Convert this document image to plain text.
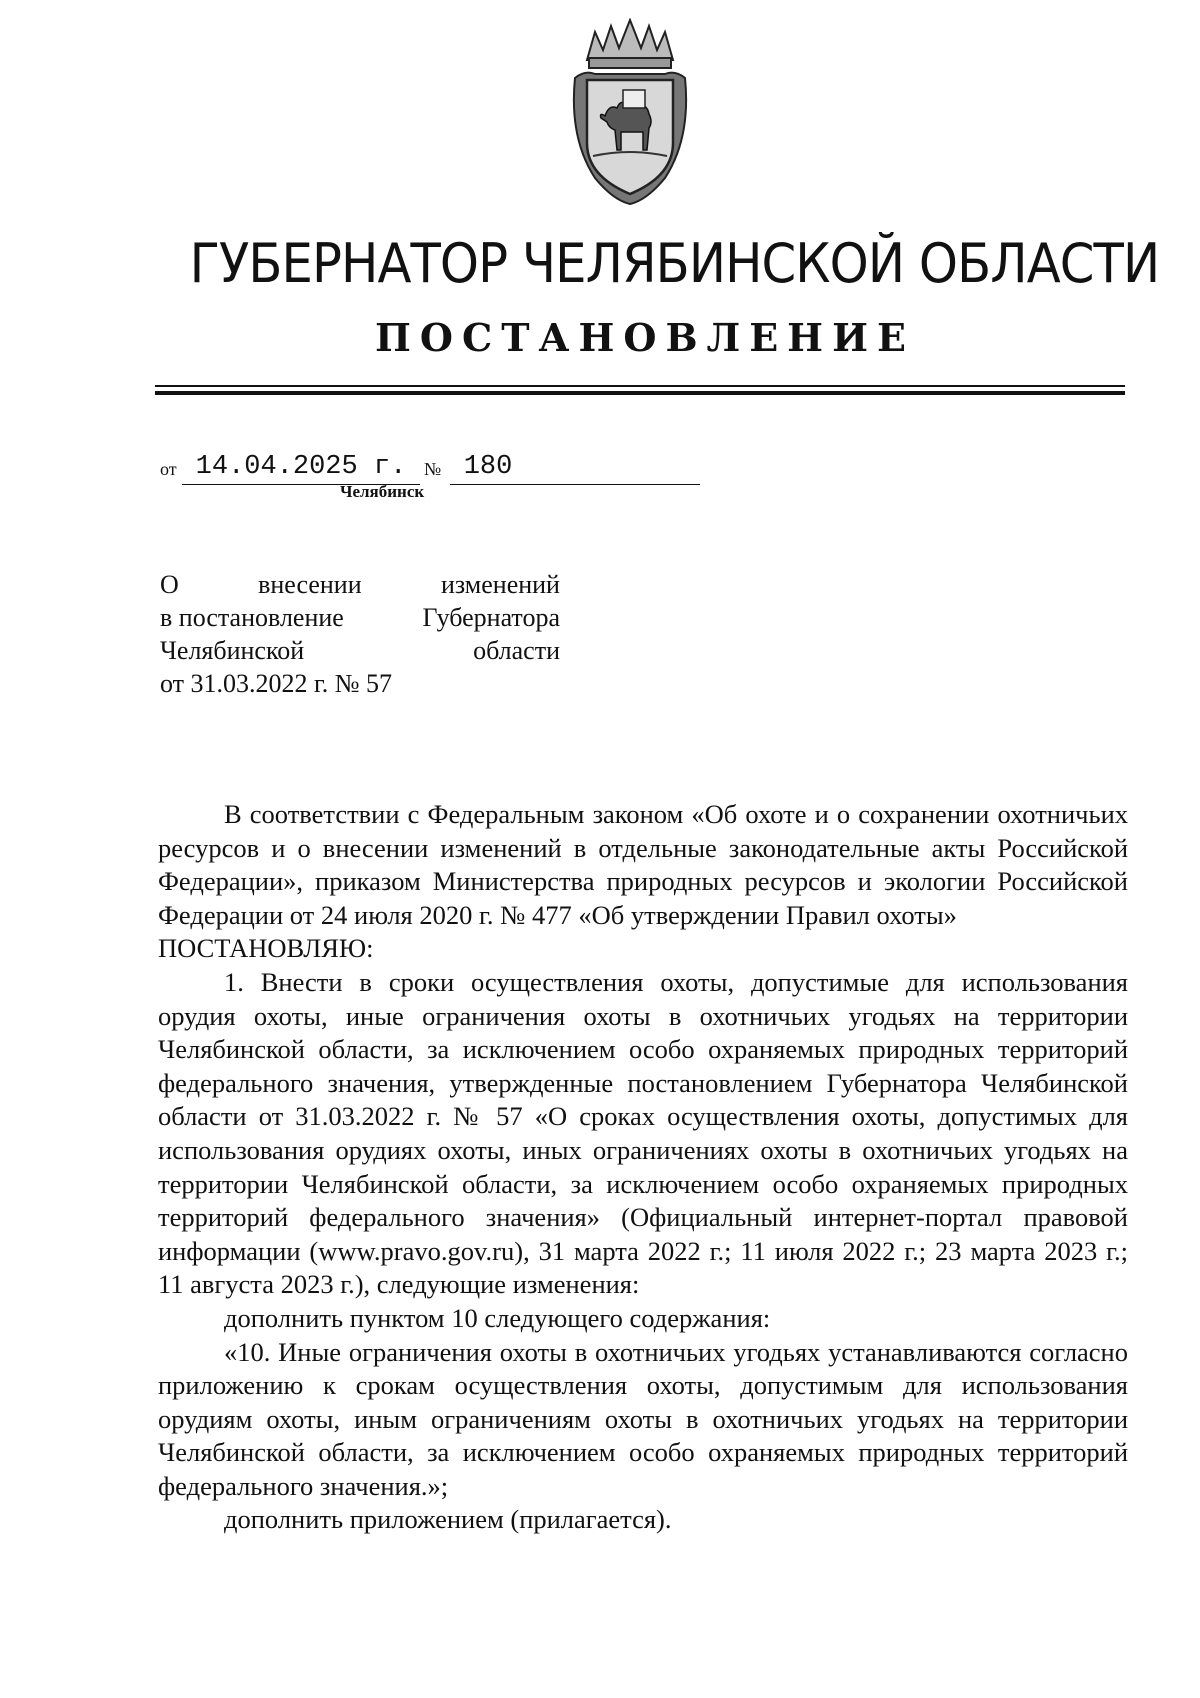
ГУБЕРНАТОР ЧЕЛЯБИНСКОЙ ОБЛАСТИ
ПОСТАНОВЛЕНИЕ
от 14.04.2025 г. № 180
Челябинск
О	внесении	изменений
в постановление	Губернатора
Челябинской	области
от 31.03.2022 г. № 57

В соответствии с Федеральным законом «Об охоте и о сохранении охотничьих ресурсов и о внесении изменений в отдельные законодательные акты Российской Федерации», приказом Министерства природных ресурсов и экологии Российской Федерации от 24 июля 2020 г. № 477 «Об утверждении Правил охоты»

ПОСТАНОВЛЯЮ:

1. Внести в сроки осуществления охоты, допустимые для использования орудия охоты, иные ограничения охоты в охотничьих угодьях на территории Челябинской области, за исключением особо охраняемых природных территорий федерального значения, утвержденные постановлением Губернатора Челябинской области от 31.03.2022 г. № 57 «О сроках осуществления охоты, допустимых для использования орудиях охоты, иных ограничениях охоты в охотничьих угодьях на территории Челябинской области, за исключением особо охраняемых природных территорий федерального значения» (Официальный интернет-портал правовой информации (www.pravo.gov.ru), 31 марта 2022 г.; 11 июля 2022 г.; 23 марта 2023 г.; 11 августа 2023 г.), следующие изменения:

дополнить пунктом 10 следующего содержания:

«10. Иные ограничения охоты в охотничьих угодьях устанавливаются согласно приложению к срокам осуществления охоты, допустимым для использования орудиям охоты, иным ограничениям охоты в охотничьих угодьях на территории Челябинской области, за исключением особо охраняемых природных территорий федерального значения.»;

дополнить приложением (прилагается).
